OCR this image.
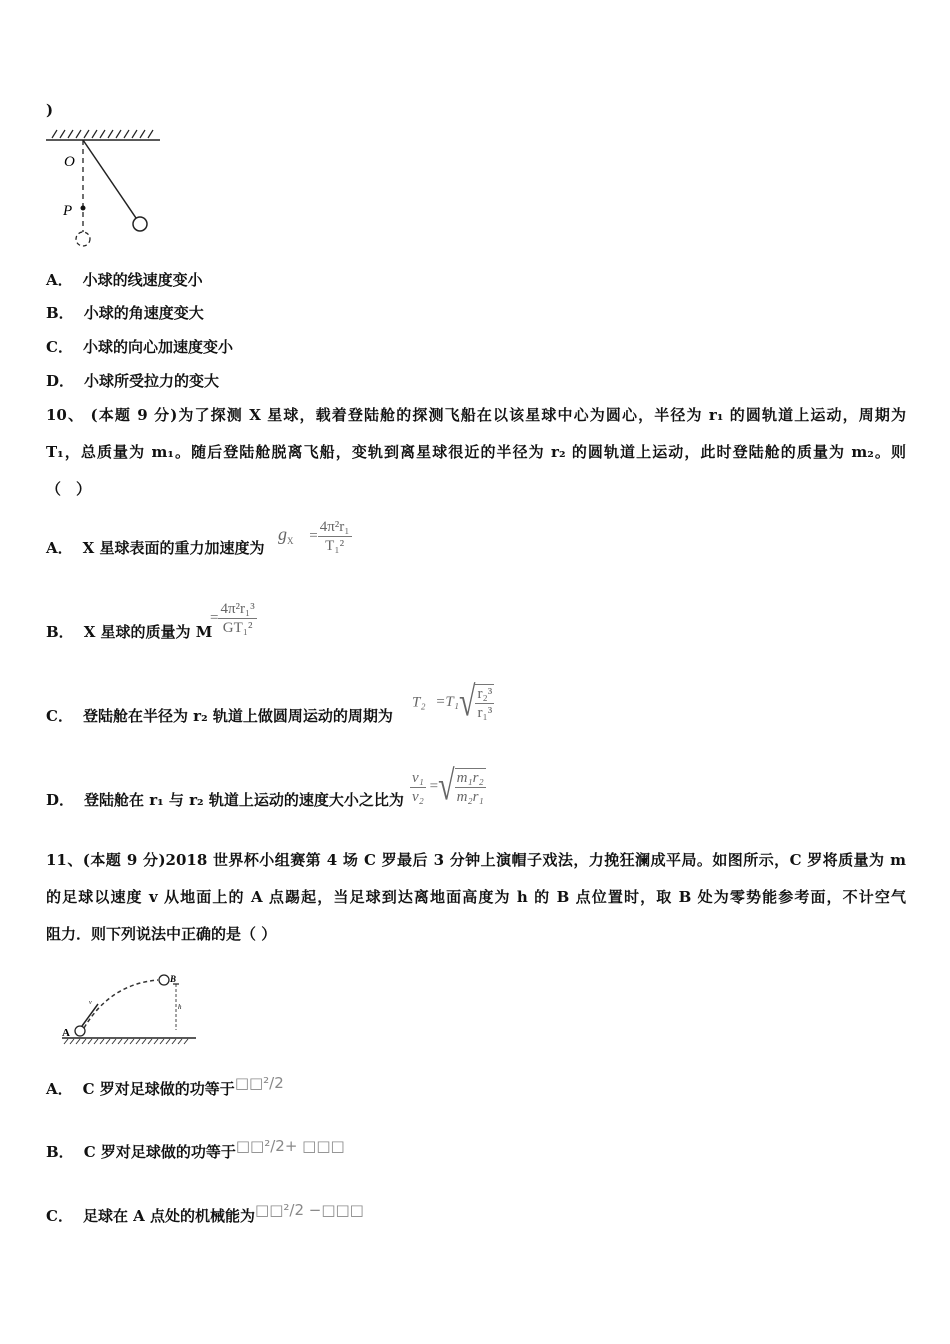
)
O
P
A． 小球的线速度变小
B． 小球的角速度变大
C． 小球的向心加速度变小
D． 小球所受拉力的变大
10、 (本题 9 分)为了探测 X 星球，载着登陆舱的探测飞船在以该星球中心为圆心，半径为 r₁ 的圆轨道上运动，周期为
T₁，总质量为 m₁。随后登陆舱脱离飞船，变轨到离星球很近的半径为 r₂ 的圆轨道上运动，此时登陆舱的质量为 m₂。则
（　）
A． X 星球表面的重力加速度为
$g_X = \frac{\text{4π²r₁}}{\text{T₁²}}$
B． X 星球的质量为 M
= $\frac{\text{4π²r₁³}}{\text{GT₁²}}$
C． 登陆舱在半径为 r₂ 轨道上做圆周运动的周期为
T₂ =T₁ √ $\frac{\text{r₂³}}{\text{r₁³}}$
D． 登陆舱在 r₁ 与 r₂ 轨道上运动的速度大小之比为 $\frac{\text{v₁}}{\text{v₂}}$ = √ $\frac{\text{m₁r₂}}{\text{m₂r₁}}$
11、(本题 9 分)2018 世界杯小组赛第 4 场 C 罗最后 3 分钟上演帽子戏法，力挽狂澜成平局。如图所示，C 罗将质量为 m
的足球以速度 v 从地面上的 A 点踢起，当足球到达离地面高度为 h 的 B 点位置时，取 B 处为零势能参考面，不计空气
阻力．则下列说法中正确的是（ ）
A
B
h
v
A． C 罗对足球做的功等于□□²/2
B． C 罗对足球做的功等于□□²/2+ □□□
C． 足球在 A 点处的机械能为□□²/2 −□□□
